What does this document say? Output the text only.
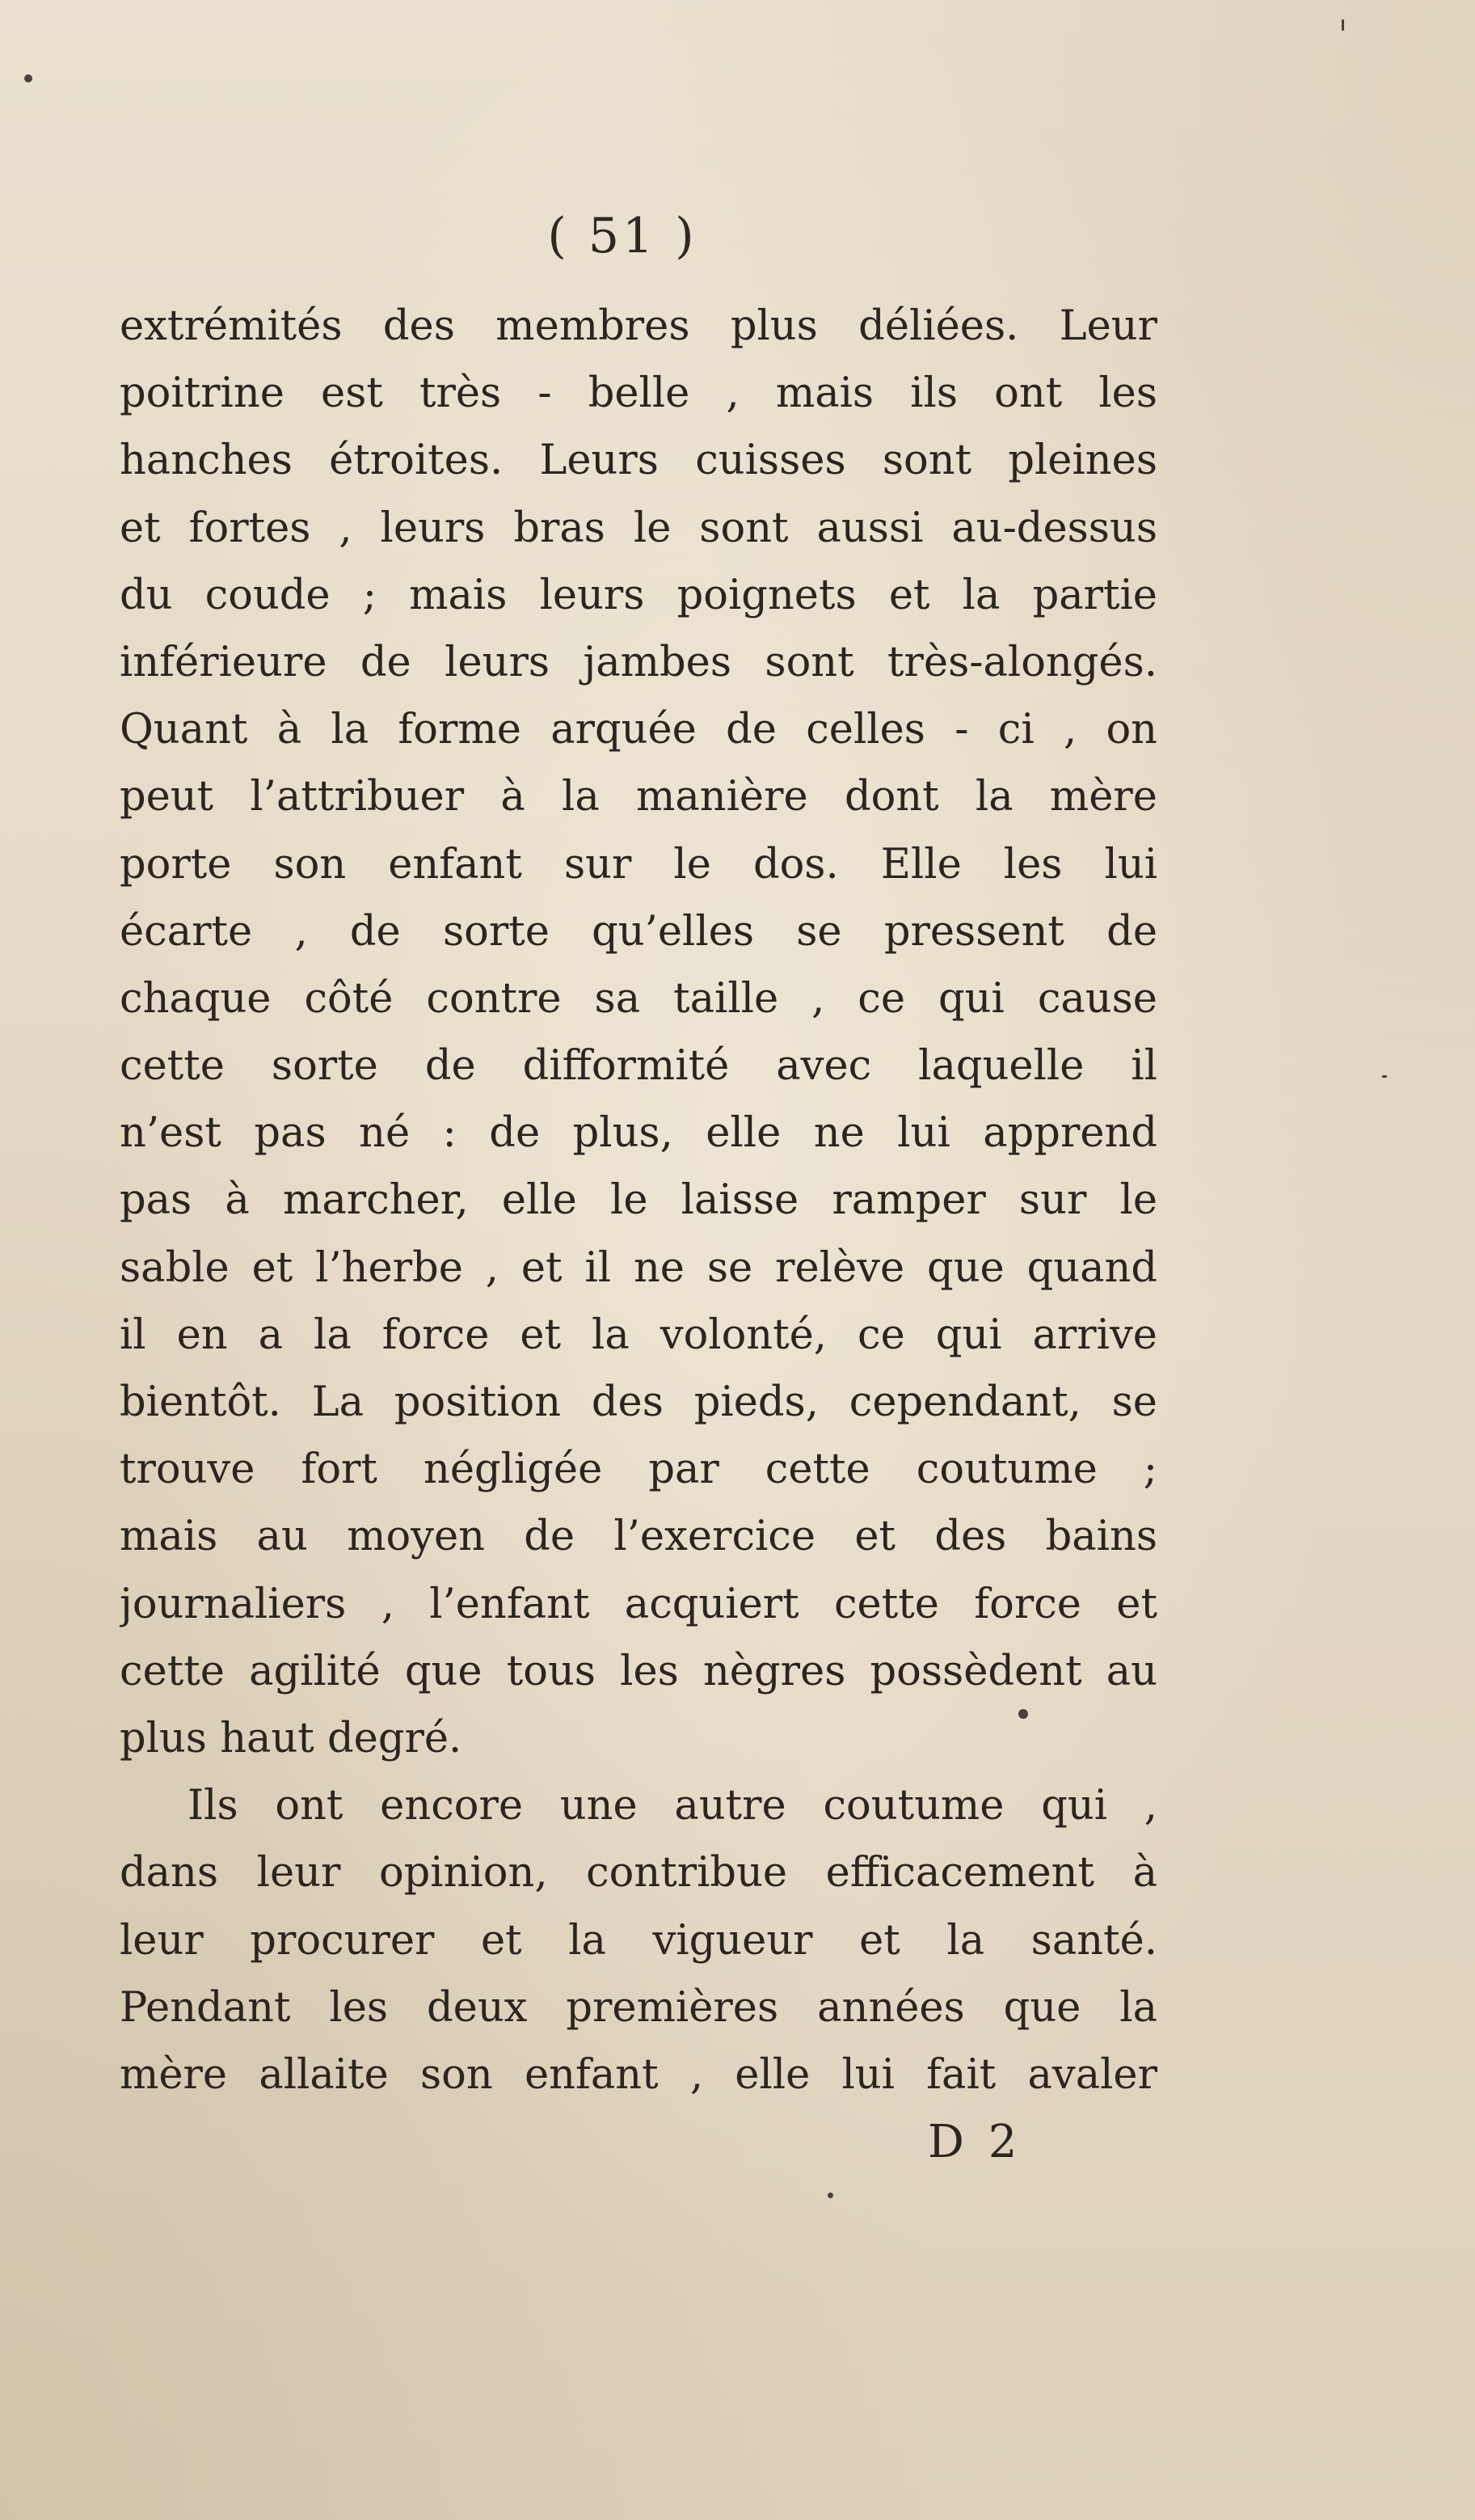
( 51 )
extrémités des membres plus déliées. Leur
poitrine est très - belle , mais ils ont les
hanches étroites. Leurs cuisses sont pleines
et fortes , leurs bras le sont aussi au-dessus
du coude ; mais leurs poignets et la partie
inférieure de leurs jambes sont très-alongés.
Quant à la forme arquée de celles - ci , on
peut l’attribuer à la manière dont la mère
porte son enfant sur le dos. Elle les lui
écarte , de sorte qu’elles se pressent de
chaque côté contre sa taille , ce qui cause
cette sorte de difformité avec laquelle il
n’est pas né : de plus, elle ne lui apprend
pas à marcher, elle le laisse ramper sur le
sable et l’herbe , et il ne se relève que quand
il en a la force et la volonté, ce qui arrive
bientôt. La position des pieds, cependant, se
trouve fort négligée par cette coutume ;
mais au moyen de l’exercice et des bains
journaliers , l’enfant acquiert cette force et
cette agilité que tous les nègres possèdent au
plus haut degré.
Ils ont encore une autre coutume qui ,
dans leur opinion, contribue efficacement à
leur procurer et la vigueur et la santé.
Pendant les deux premières années que la
mère allaite son enfant , elle lui fait avaler
D 2
